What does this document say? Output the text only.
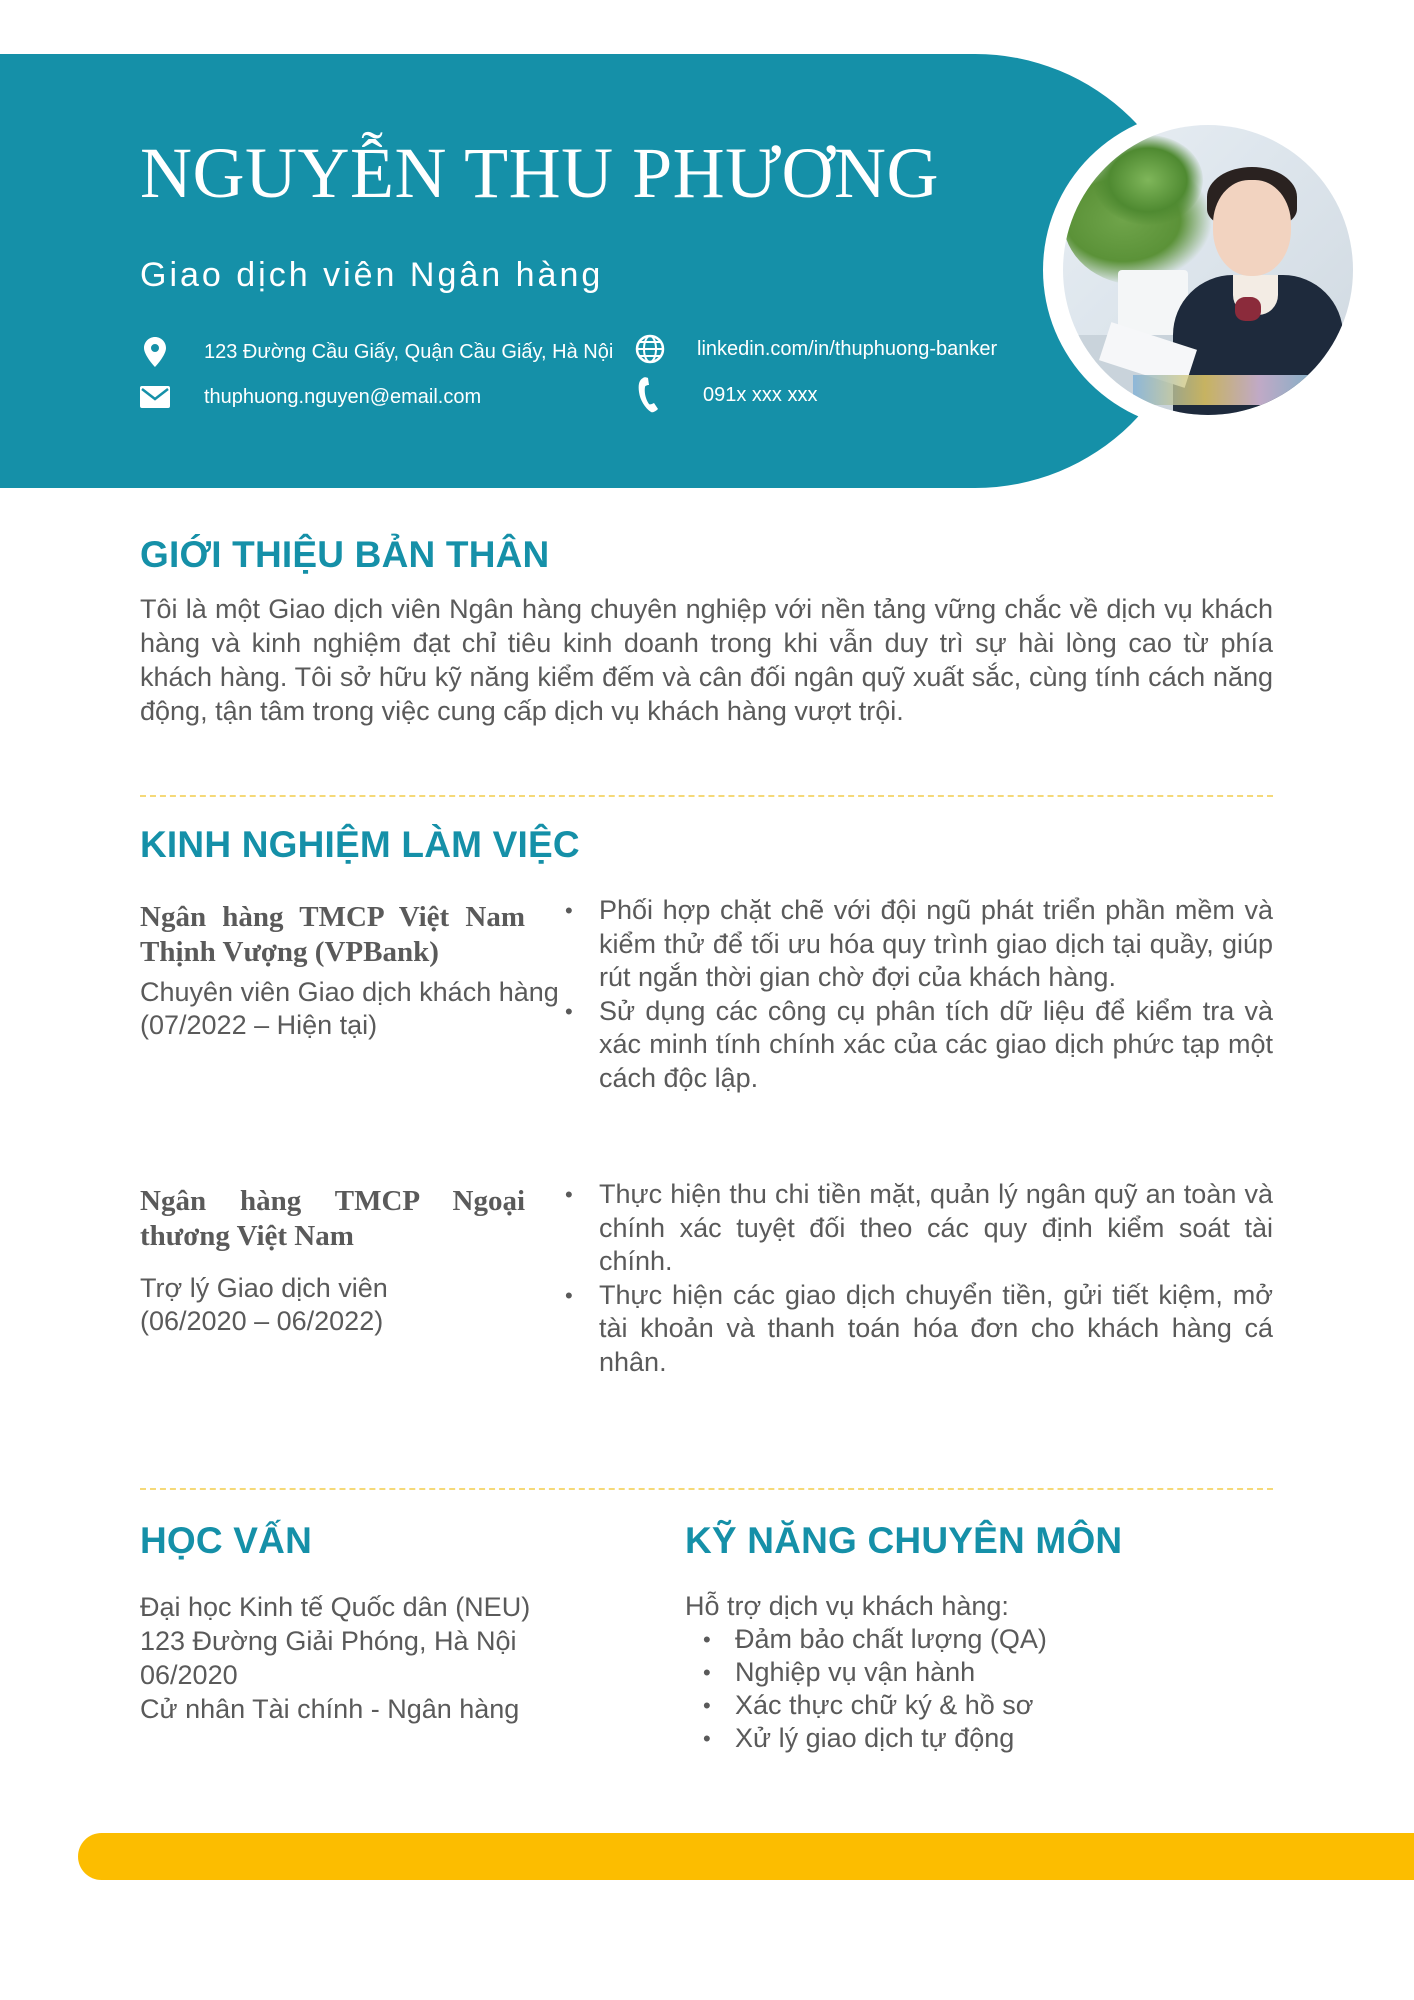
NGUYỄN THU PHƯƠNG
Giao dịch viên Ngân hàng
123 Đường Cầu Giấy, Quận Cầu Giấy, Hà Nội
thuphuong.nguyen@email.com
linkedin.com/in/thuphuong-banker
091x xxx xxx
GIỚI THIỆU BẢN THÂN

Tôi là một Giao dịch viên Ngân hàng chuyên nghiệp với nền tảng vững chắc về dịch vụ khách hàng và kinh nghiệm đạt chỉ tiêu kinh doanh trong khi vẫn duy trì sự hài lòng cao từ phía khách hàng. Tôi sở hữu kỹ năng kiểm đếm và cân đối ngân quỹ xuất sắc, cùng tính cách năng động, tận tâm trong việc cung cấp dịch vụ khách hàng vượt trội.

KINH NGHIỆM LÀM VIỆC
Ngân hàng TMCP Việt Nam Thịnh Vượng (VPBank)
Chuyên viên Giao dịch khách hàng
(07/2022 – Hiện tại)
• Phối hợp chặt chẽ với đội ngũ phát triển phần mềm và kiểm thử để tối ưu hóa quy trình giao dịch tại quầy, giúp rút ngắn thời gian chờ đợi của khách hàng.
• Sử dụng các công cụ phân tích dữ liệu để kiểm tra và xác minh tính chính xác của các giao dịch phức tạp một cách độc lập.
Ngân hàng TMCP Ngoại thương Việt Nam
Trợ lý Giao dịch viên
(06/2020 – 06/2022)
• Thực hiện thu chi tiền mặt, quản lý ngân quỹ an toàn và chính xác tuyệt đối theo các quy định kiểm soát tài chính.
• Thực hiện các giao dịch chuyển tiền, gửi tiết kiệm, mở tài khoản và thanh toán hóa đơn cho khách hàng cá nhân.
HỌC VẤN
Đại học Kinh tế Quốc dân (NEU)
123 Đường Giải Phóng, Hà Nội
06/2020
Cử nhân Tài chính - Ngân hàng
KỸ NĂNG CHUYÊN MÔN
Hỗ trợ dịch vụ khách hàng:
• Đảm bảo chất lượng (QA)
• Nghiệp vụ vận hành
• Xác thực chữ ký & hồ sơ
• Xử lý giao dịch tự động
